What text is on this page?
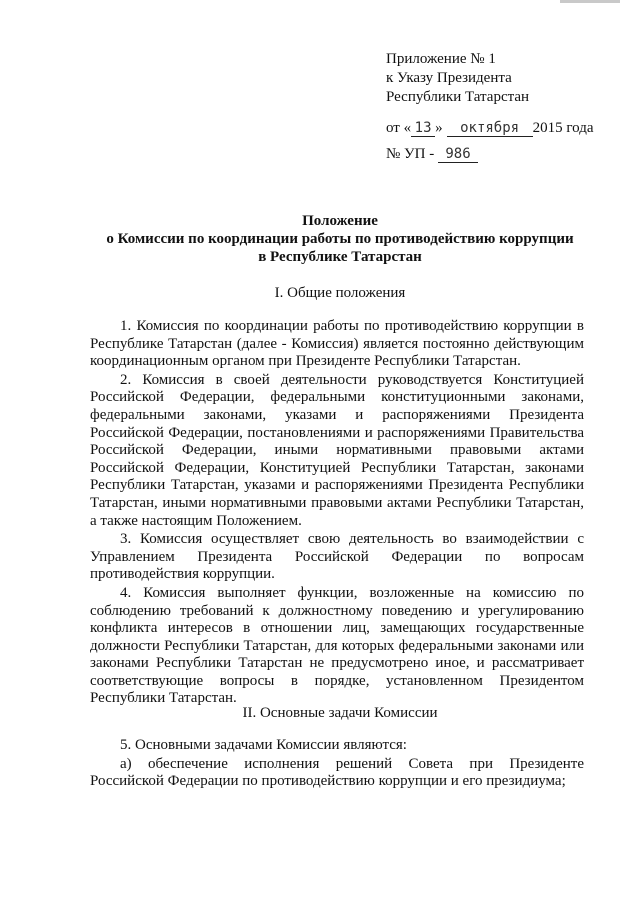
Приложение № 1
к Указу Президента
Республики Татарстан
от « 13 » октября 2015 года
№ УП - 986
Положение
о Комиссии по координации работы по противодействию коррупции
в Республике Татарстан
I. Общие положения

1. Комиссия по координации работы по противодействию коррупции в Республике Татарстан (далее - Комиссия) является постоянно действующим координационным органом при Президенте Республики Татарстан.

2. Комиссия в своей деятельности руководствуется Конституцией Российской Федерации, федеральными конституционными законами, федеральными законами, указами и распоряжениями Президента Российской Федерации, постановлениями и распоряжениями Правительства Российской Федерации, иными нормативными правовыми актами Российской Федерации, Конституцией Республики Татарстан, законами Республики Татарстан, указами и распоряжениями Президента Республики Татарстан, иными нормативными правовыми актами Республики Татарстан, а также настоящим Положением.

3. Комиссия осуществляет свою деятельность во взаимодействии с Управлением Президента Российской Федерации по вопросам противодействия коррупции.

4. Комиссия выполняет функции, возложенные на комиссию по соблюдению требований к должностному поведению и урегулированию конфликта интересов в отношении лиц, замещающих государственные должности Республики Татарстан, для которых федеральными законами или законами Республики Татарстан не предусмотрено иное, и рассматривает соответствующие вопросы в порядке, установленном Президентом Республики Татарстан.

II. Основные задачи Комиссии

5. Основными задачами Комиссии являются:

а) обеспечение исполнения решений Совета при Президенте Российской Федерации по противодействию коррупции и его президиума;
